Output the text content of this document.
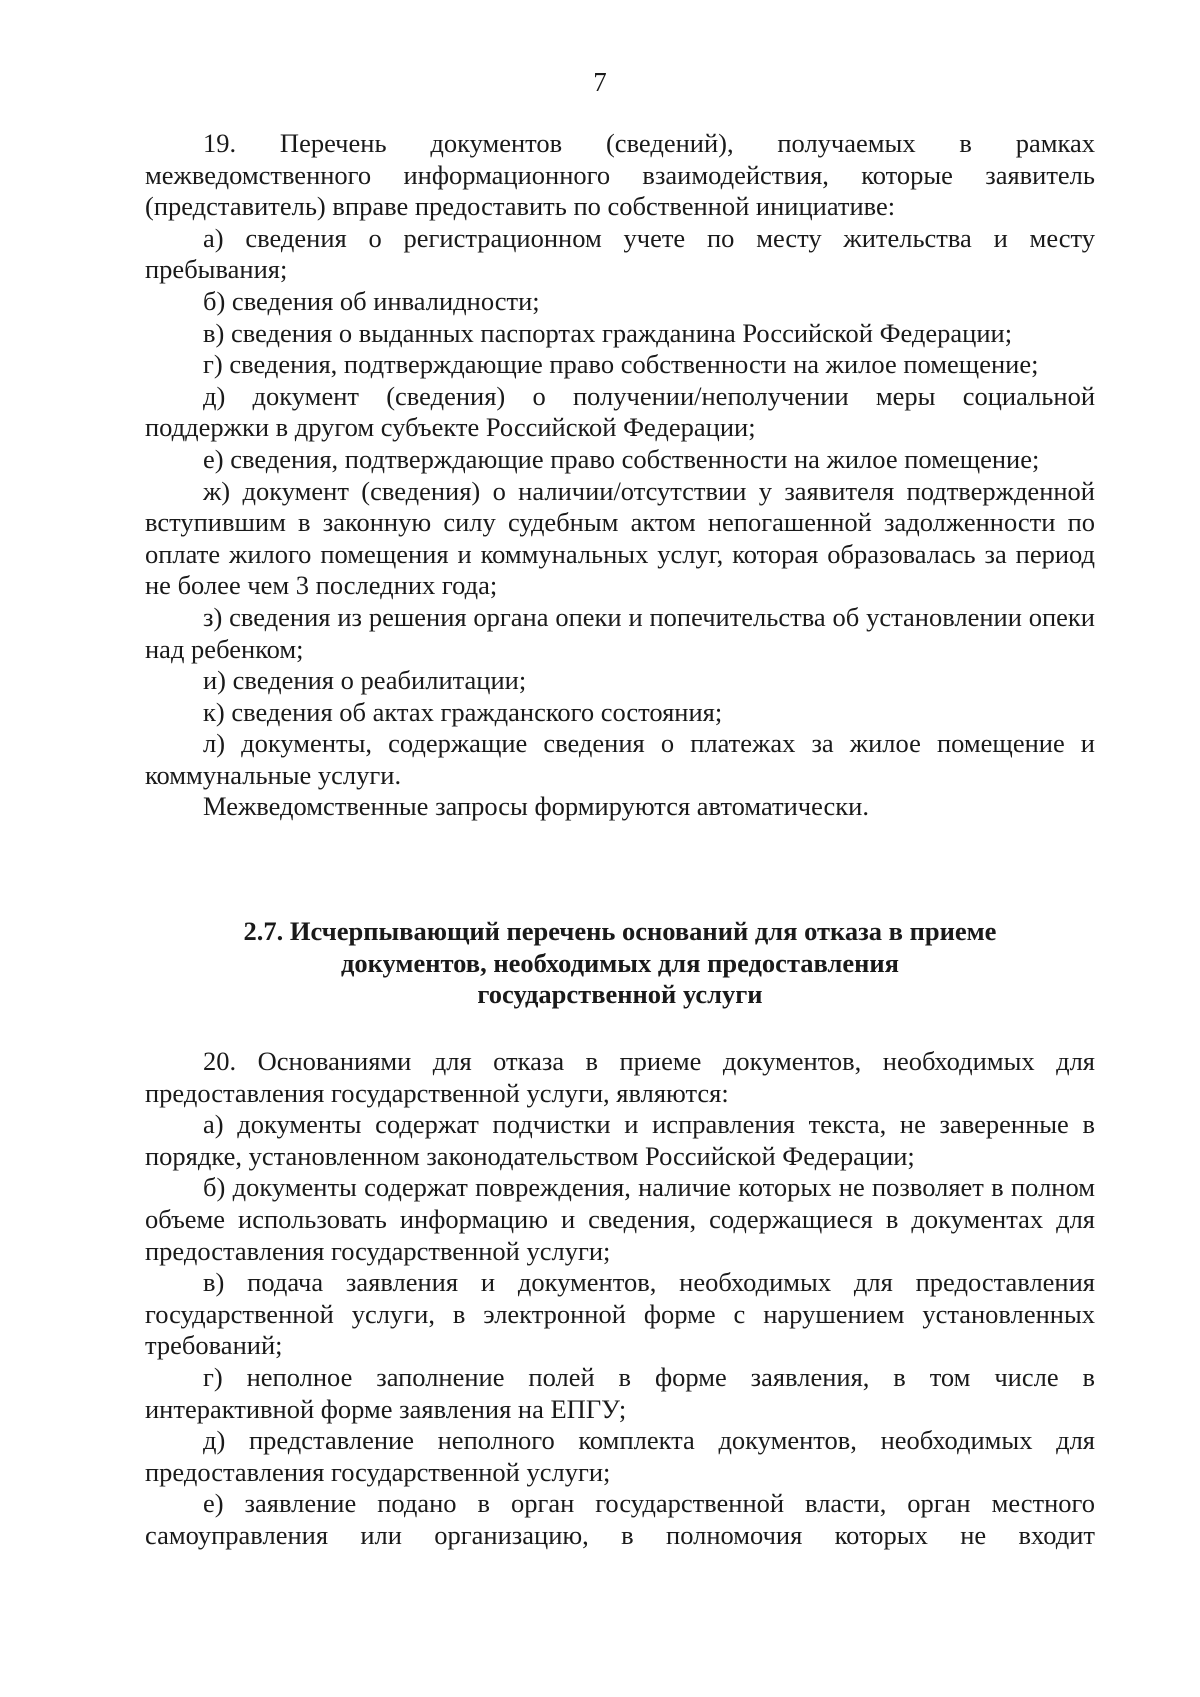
7

19. Перечень документов (сведений), получаемых в рамках межведомственного информационного взаимодействия, которые заявитель (представитель) вправе предоставить по собственной инициативе:

а) сведения о регистрационном учете по месту жительства и месту пребывания;

б) сведения об инвалидности;

в) сведения о выданных паспортах гражданина Российской Федерации;

г) сведения, подтверждающие право собственности на жилое помещение;

д) документ (сведения) о получении/неполучении меры социальной поддержки в другом субъекте Российской Федерации;

е) сведения, подтверждающие право собственности на жилое помещение;

ж) документ (сведения) о наличии/отсутствии у заявителя подтвержденной вступившим в законную силу судебным актом непогашенной задолженности по оплате жилого помещения и коммунальных услуг, которая образовалась за период не более чем 3 последних года;

з) сведения из решения органа опеки и попечительства об установлении опеки над ребенком;

и) сведения о реабилитации;

к) сведения об актах гражданского состояния;

л) документы, содержащие сведения о платежах за жилое помещение и коммунальные услуги.

Межведомственные запросы формируются автоматически.

2.7. Исчерпывающий перечень оснований для отказа в приеме
документов, необходимых для предоставления
государственной услуги

20. Основаниями для отказа в приеме документов, необходимых для предоставления государственной услуги, являются:

а) документы содержат подчистки и исправления текста, не заверенные в порядке, установленном законодательством Российской Федерации;

б) документы содержат повреждения, наличие которых не позволяет в полном объеме использовать информацию и сведения, содержащиеся в документах для предоставления государственной услуги;

в) подача заявления и документов, необходимых для предоставления государственной услуги, в электронной форме с нарушением установленных требований;

г) неполное заполнение полей в форме заявления, в том числе в интерактивной форме заявления на ЕПГУ;

д) представление неполного комплекта документов, необходимых для предоставления государственной услуги;

е) заявление подано в орган государственной власти, орган местного самоуправления или организацию, в полномочия которых не входит
